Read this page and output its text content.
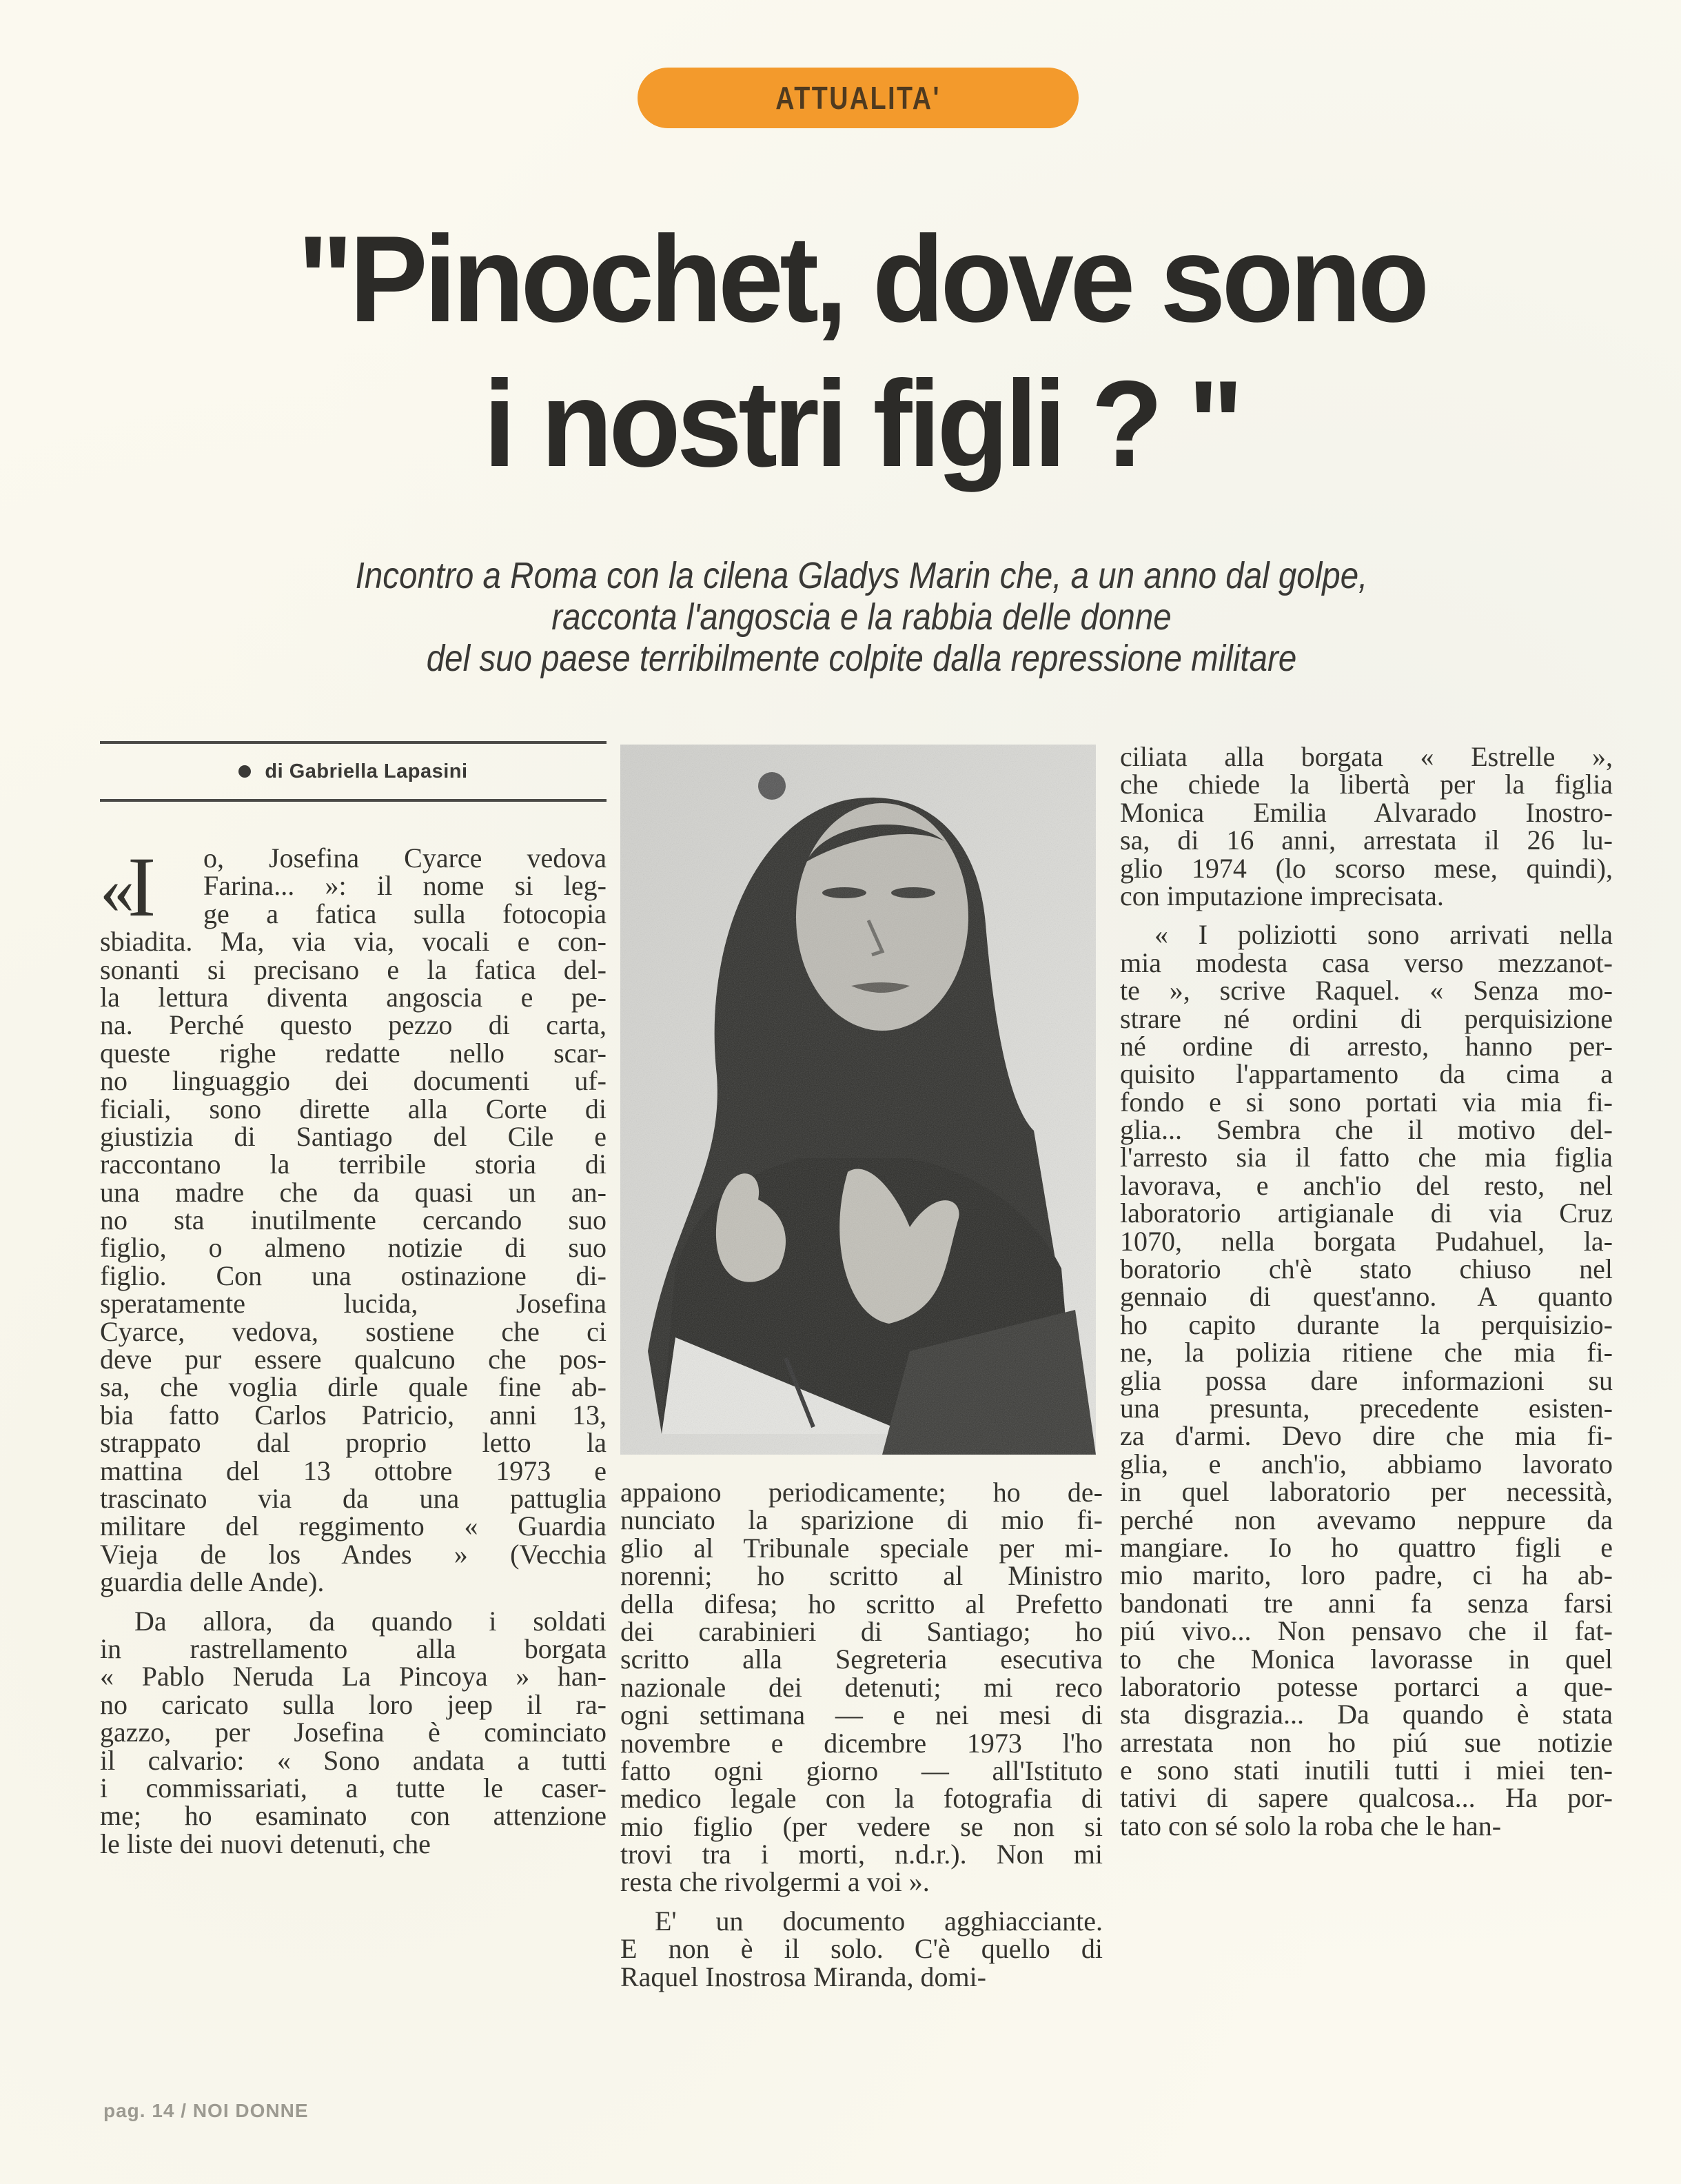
ATTUALITA'
"Pinochet, dove sono
i nostri figli ? "
Incontro a Roma con la cilena Gladys Marin che, a un anno dal golpe,
racconta l'angoscia e la rabbia delle donne
del suo paese terribilmente colpite dalla repressione militare
di Gabriella Lapasini
«I	o, Josefina Cyarce vedova
Farina... »: il nome si leg-
ge a fatica sulla fotocopia
sbiadita. Ma, via via, vocali e con-
sonanti si precisano e la fatica del-
la lettura diventa angoscia e pe-
na. Perché questo pezzo di carta,
queste righe redatte nello scar-
no linguaggio dei documenti uf-
ficiali, sono dirette alla Corte di
giustizia di Santiago del Cile e
raccontano la terribile storia di
una madre che da quasi un an-
no sta inutilmente cercando suo
figlio, o almeno notizie di suo
figlio. Con una ostinazione di-
speratamente lucida, Josefina
Cyarce, vedova, sostiene che ci
deve pur essere qualcuno che pos-
sa, che voglia dirle quale fine ab-
bia fatto Carlos Patricio, anni 13,
strappato dal proprio letto la
mattina del 13 ottobre 1973 e
trascinato via da una pattuglia
militare del reggimento « Guardia
Vieja de los Andes » (Vecchia
guardia delle Ande).
Da allora, da quando i soldati
in rastrellamento alla borgata
« Pablo Neruda La Pincoya » han-
no caricato sulla loro jeep il ra-
gazzo, per Josefina è cominciato
il calvario: « Sono andata a tutti
i commissariati, a tutte le caser-
me; ho esaminato con attenzione
le liste dei nuovi detenuti, che
appaiono periodicamente; ho de-
nunciato la sparizione di mio fi-
glio al Tribunale speciale per mi-
norenni; ho scritto al Ministro
della difesa; ho scritto al Prefetto
dei carabinieri di Santiago; ho
scritto alla Segreteria esecutiva
nazionale dei detenuti; mi reco
ogni settimana — e nei mesi di
novembre e dicembre 1973 l'ho
fatto ogni giorno — all'Istituto
medico legale con la fotografia di
mio figlio (per vedere se non si
trovi tra i morti, n.d.r.). Non mi
resta che rivolgermi a voi ».
E' un documento agghiacciante.
E non è il solo. C'è quello di
Raquel Inostrosa Miranda, domi-
ciliata alla borgata « Estrelle »,
che chiede la libertà per la figlia
Monica Emilia Alvarado Inostro-
sa, di 16 anni, arrestata il 26 lu-
glio 1974 (lo scorso mese, quindi),
con imputazione imprecisata.
« I poliziotti sono arrivati nella
mia modesta casa verso mezzanot-
te », scrive Raquel. « Senza mo-
strare né ordini di perquisizione
né ordine di arresto, hanno per-
quisito l'appartamento da cima a
fondo e si sono portati via mia fi-
glia... Sembra che il motivo del-
l'arresto sia il fatto che mia figlia
lavorava, e anch'io del resto, nel
laboratorio artigianale di via Cruz
1070, nella borgata Pudahuel, la-
boratorio ch'è stato chiuso nel
gennaio di quest'anno. A quanto
ho capito durante la perquisizio-
ne, la polizia ritiene che mia fi-
glia possa dare informazioni su
una presunta, precedente esisten-
za d'armi. Devo dire che mia fi-
glia, e anch'io, abbiamo lavorato
in quel laboratorio per necessità,
perché non avevamo neppure da
mangiare. Io ho quattro figli e
mio marito, loro padre, ci ha ab-
bandonati tre anni fa senza farsi
piú vivo... Non pensavo che il fat-
to che Monica lavorasse in quel
laboratorio potesse portarci a que-
sta disgrazia... Da quando è stata
arrestata non ho piú sue notizie
e sono stati inutili tutti i miei ten-
tativi di sapere qualcosa... Ha por-
tato con sé solo la roba che le han-
pag. 14 / NOI DONNE
